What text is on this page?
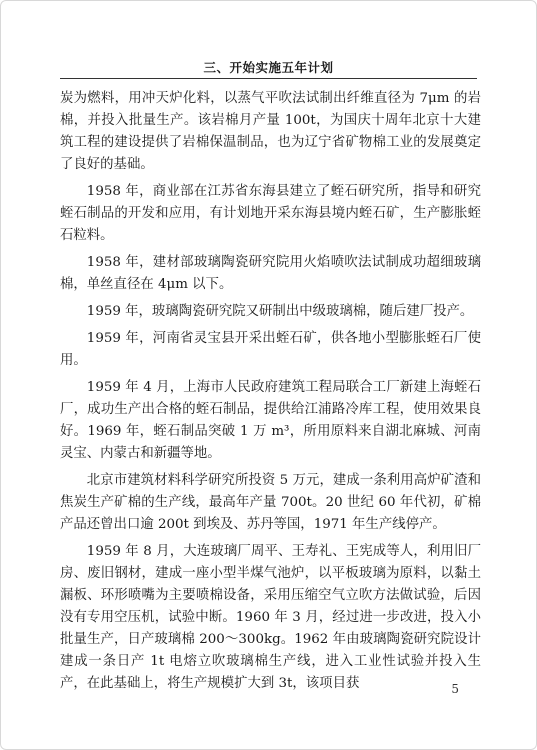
三、开始实施五年计划

炭为燃料，用冲天炉化料，以蒸气平吹法试制出纤维直径为 7μm 的岩棉，并投入批量生产。该岩棉月产量 100t，为国庆十周年北京十大建筑工程的建设提供了岩棉保温制品，也为辽宁省矿物棉工业的发展奠定了良好的基础。

1958 年，商业部在江苏省东海县建立了蛭石研究所，指导和研究蛭石制品的开发和应用，有计划地开采东海县境内蛭石矿，生产膨胀蛭石粒料。

1958 年，建材部玻璃陶瓷研究院用火焰喷吹法试制成功超细玻璃棉，单丝直径在 4μm 以下。

1959 年，玻璃陶瓷研究院又研制出中级玻璃棉，随后建厂投产。

1959 年，河南省灵宝县开采出蛭石矿，供各地小型膨胀蛭石厂使用。

1959 年 4 月，上海市人民政府建筑工程局联合工厂新建上海蛭石厂，成功生产出合格的蛭石制品，提供给江浦路冷库工程，使用效果良好。1969 年，蛭石制品突破 1 万 m³，所用原料来自湖北麻城、河南灵宝、内蒙古和新疆等地。

北京市建筑材料科学研究所投资 5 万元，建成一条利用高炉矿渣和焦炭生产矿棉的生产线，最高年产量 700t。20 世纪 60 年代初，矿棉产品还曾出口逾 200t 到埃及、苏丹等国，1971 年生产线停产。

1959 年 8 月，大连玻璃厂周平、王寿礼、王宪成等人，利用旧厂房、废旧钢材，建成一座小型半煤气池炉，以平板玻璃为原料，以黏土漏板、环形喷嘴为主要喷棉设备，采用压缩空气立吹方法做试验，后因没有专用空压机，试验中断。1960 年 3 月，经过进一步改进，投入小批量生产，日产玻璃棉 200～300kg。1962 年由玻璃陶瓷研究院设计建成一条日产 1t 电熔立吹玻璃棉生产线，进入工业性试验并投入生产，在此基础上，将生产规模扩大到 3t，该项目获	5
